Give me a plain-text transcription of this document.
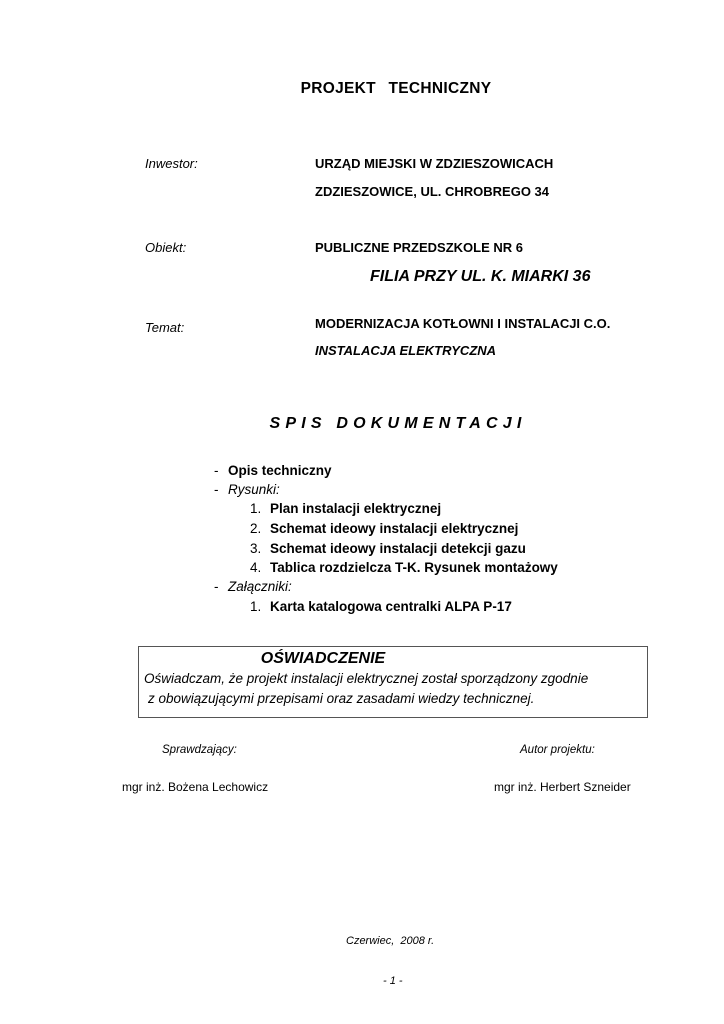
PROJEKT TECHNICZNY
Inwestor:	URZĄD MIEJSKI W ZDZIESZOWICACH
ZDZIESZOWICE, UL. CHROBREGO 34
Obiekt:	PUBLICZNE PRZEDSZKOLE NR 6
FILIA PRZY UL. K. MIARKI 36
Temat:	MODERNIZACJA KOTŁOWNI I INSTALACJI C.O.
INSTALACJA ELEKTRYCZNA
SPIS DOKUMENTACJI
- Opis techniczny
- Rysunki:
1. Plan instalacji elektrycznej
2. Schemat ideowy instalacji elektrycznej
3. Schemat ideowy instalacji detekcji gazu
4. Tablica rozdzielcza T-K. Rysunek montażowy
- Załączniki:
1. Karta katalogowa centralki ALPA P-17
OŚWIADCZENIE
Oświadczam, że projekt instalacji elektrycznej został sporządzony zgodnie
z obowiązującymi przepisami oraz zasadami wiedzy technicznej.
Sprawdzający:
mgr inż. Bożena Lechowicz
Autor projektu:
mgr inż. Herbert Szneider
Czerwiec,  2008 r.
- 1 -
